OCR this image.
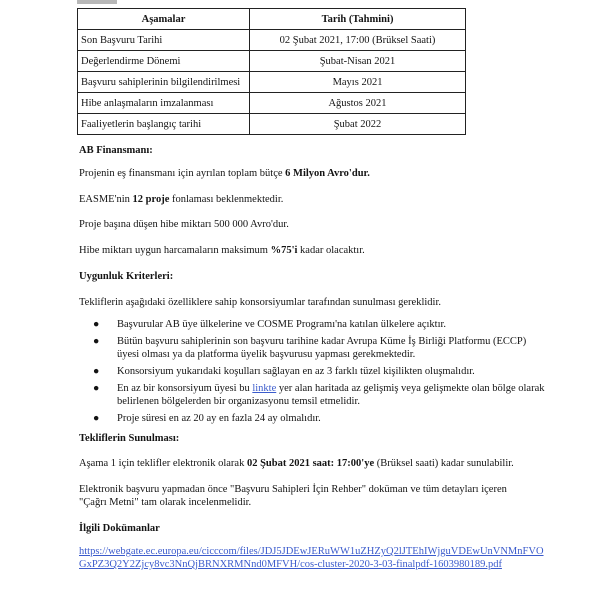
Aşamalar	Tarih (Tahmini)
Son Başvuru Tarihi	02 Şubat 2021, 17:00 (Brüksel Saati)
Değerlendirme Dönemi	Şubat-Nisan 2021
Başvuru sahiplerinin bilgilendirilmesi	Mayıs 2021
Hibe anlaşmaların imzalanması	Ağustos 2021
Faaliyetlerin başlangıç tarihi	Şubat 2022
AB Finansmanı:
Projenin eş finansmanı için ayrılan toplam bütçe 6 Milyon Avro'dur.
EASME'nin 12 proje fonlaması beklenmektedir.
Proje başına düşen hibe miktarı 500 000 Avro'dur.
Hibe miktarı uygun harcamaların maksimum %75'i kadar olacaktır.
Uygunluk Kriterleri:
Tekliflerin aşağıdaki özelliklere sahip konsorsiyumlar tarafından sunulması gereklidir.
● Başvurular AB üye ülkelerine ve COSME Programı'na katılan ülkelere açıktır.
● Bütün başvuru sahiplerinin son başvuru tarihine kadar Avrupa Küme İş Birliği Platformu (ECCP) üyesi olması ya da platforma üyelik başvurusu yapması gerekmektedir.
● Konsorsiyum yukarıdaki koşulları sağlayan en az 3 farklı tüzel kişilikten oluşmalıdır.
● En az bir konsorsiyum üyesi bu linkte yer alan haritada az gelişmiş veya gelişmekte olan bölge olarak belirlenen bölgelerden bir organizasyonu temsil etmelidir.
● Proje süresi en az 20 ay en fazla 24 ay olmalıdır.
Tekliflerin Sunulması:
Aşama 1 için teklifler elektronik olarak 02 Şubat 2021 saat: 17:00'ye (Brüksel saati) kadar sunulabilir.
Elektronik başvuru yapmadan önce "Başvuru Sahipleri İçin Rehber" doküman ve tüm detayları içeren
"Çağrı Metni" tam olarak incelenmelidir.
İlgili Dokümanlar
https://webgate.ec.europa.eu/cicccom/files/JDJ5JDEwJERuWW1uZHZyQ2lJTEhIWjguVDEwUnVNMnFVOGxPZ3Q2Y2Zjcy8vc3NnQjBRNXRMNnd0MFVH/cos-cluster-2020-3-03-finalpdf-1603980189.pdf
